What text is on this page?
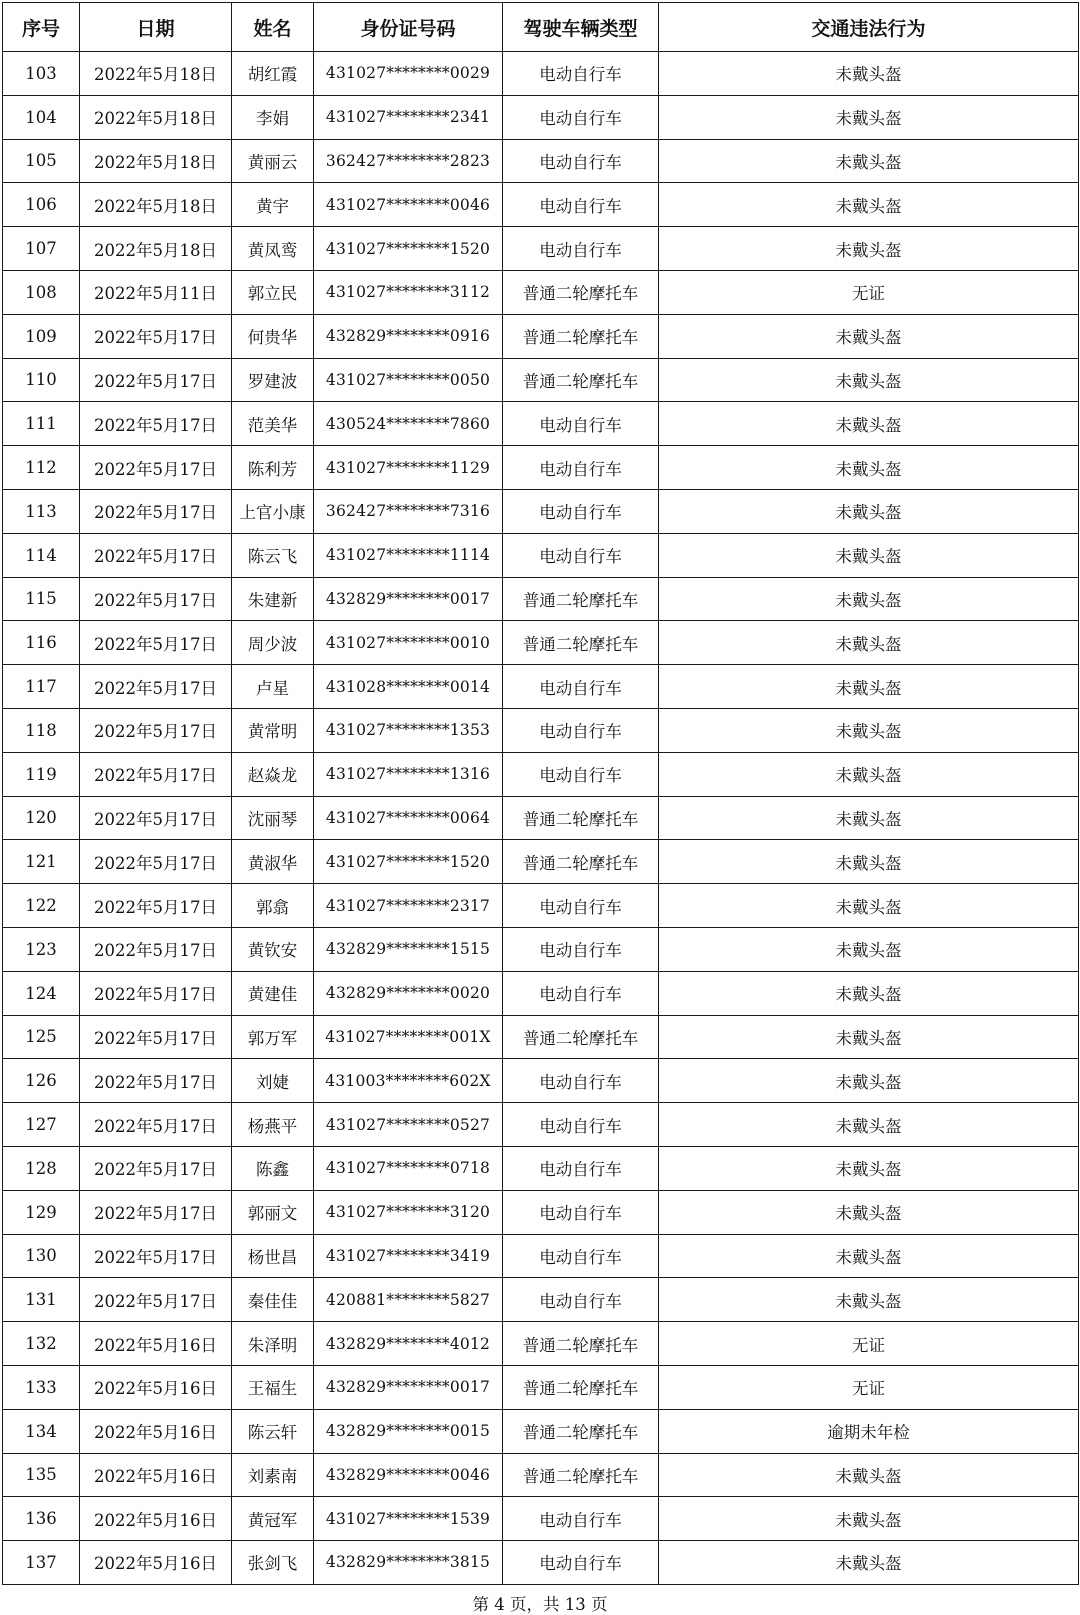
序号	日期	姓名	身份证号码	驾驶车辆类型	交通违法行为
103	2022年5月18日	胡红霞	431027********0029	电动自行车	未戴头盔
104	2022年5月18日	李娟	431027********2341	电动自行车	未戴头盔
105	2022年5月18日	黄丽云	362427********2823	电动自行车	未戴头盔
106	2022年5月18日	黄宇	431027********0046	电动自行车	未戴头盔
107	2022年5月18日	黄凤鸾	431027********1520	电动自行车	未戴头盔
108	2022年5月11日	郭立民	431027********3112	普通二轮摩托车	无证
109	2022年5月17日	何贵华	432829********0916	普通二轮摩托车	未戴头盔
110	2022年5月17日	罗建波	431027********0050	普通二轮摩托车	未戴头盔
111	2022年5月17日	范美华	430524********7860	电动自行车	未戴头盔
112	2022年5月17日	陈利芳	431027********1129	电动自行车	未戴头盔
113	2022年5月17日	上官小康	362427********7316	电动自行车	未戴头盔
114	2022年5月17日	陈云飞	431027********1114	电动自行车	未戴头盔
115	2022年5月17日	朱建新	432829********0017	普通二轮摩托车	未戴头盔
116	2022年5月17日	周少波	431027********0010	普通二轮摩托车	未戴头盔
117	2022年5月17日	卢星	431028********0014	电动自行车	未戴头盔
118	2022年5月17日	黄常明	431027********1353	电动自行车	未戴头盔
119	2022年5月17日	赵焱龙	431027********1316	电动自行车	未戴头盔
120	2022年5月17日	沈丽琴	431027********0064	普通二轮摩托车	未戴头盔
121	2022年5月17日	黄淑华	431027********1520	普通二轮摩托车	未戴头盔
122	2022年5月17日	郭翕	431027********2317	电动自行车	未戴头盔
123	2022年5月17日	黄钦安	432829********1515	电动自行车	未戴头盔
124	2022年5月17日	黄建佳	432829********0020	电动自行车	未戴头盔
125	2022年5月17日	郭万军	431027********001X	普通二轮摩托车	未戴头盔
126	2022年5月17日	刘婕	431003********602X	电动自行车	未戴头盔
127	2022年5月17日	杨燕平	431027********0527	电动自行车	未戴头盔
128	2022年5月17日	陈鑫	431027********0718	电动自行车	未戴头盔
129	2022年5月17日	郭丽文	431027********3120	电动自行车	未戴头盔
130	2022年5月17日	杨世昌	431027********3419	电动自行车	未戴头盔
131	2022年5月17日	秦佳佳	420881********5827	电动自行车	未戴头盔
132	2022年5月16日	朱泽明	432829********4012	普通二轮摩托车	无证
133	2022年5月16日	王福生	432829********0017	普通二轮摩托车	无证
134	2022年5月16日	陈云轩	432829********0015	普通二轮摩托车	逾期未年检
135	2022年5月16日	刘素南	432829********0046	普通二轮摩托车	未戴头盔
136	2022年5月16日	黄冠军	431027********1539	电动自行车	未戴头盔
137	2022年5月16日	张剑飞	432829********3815	电动自行车	未戴头盔
第 4 页，共 13 页
